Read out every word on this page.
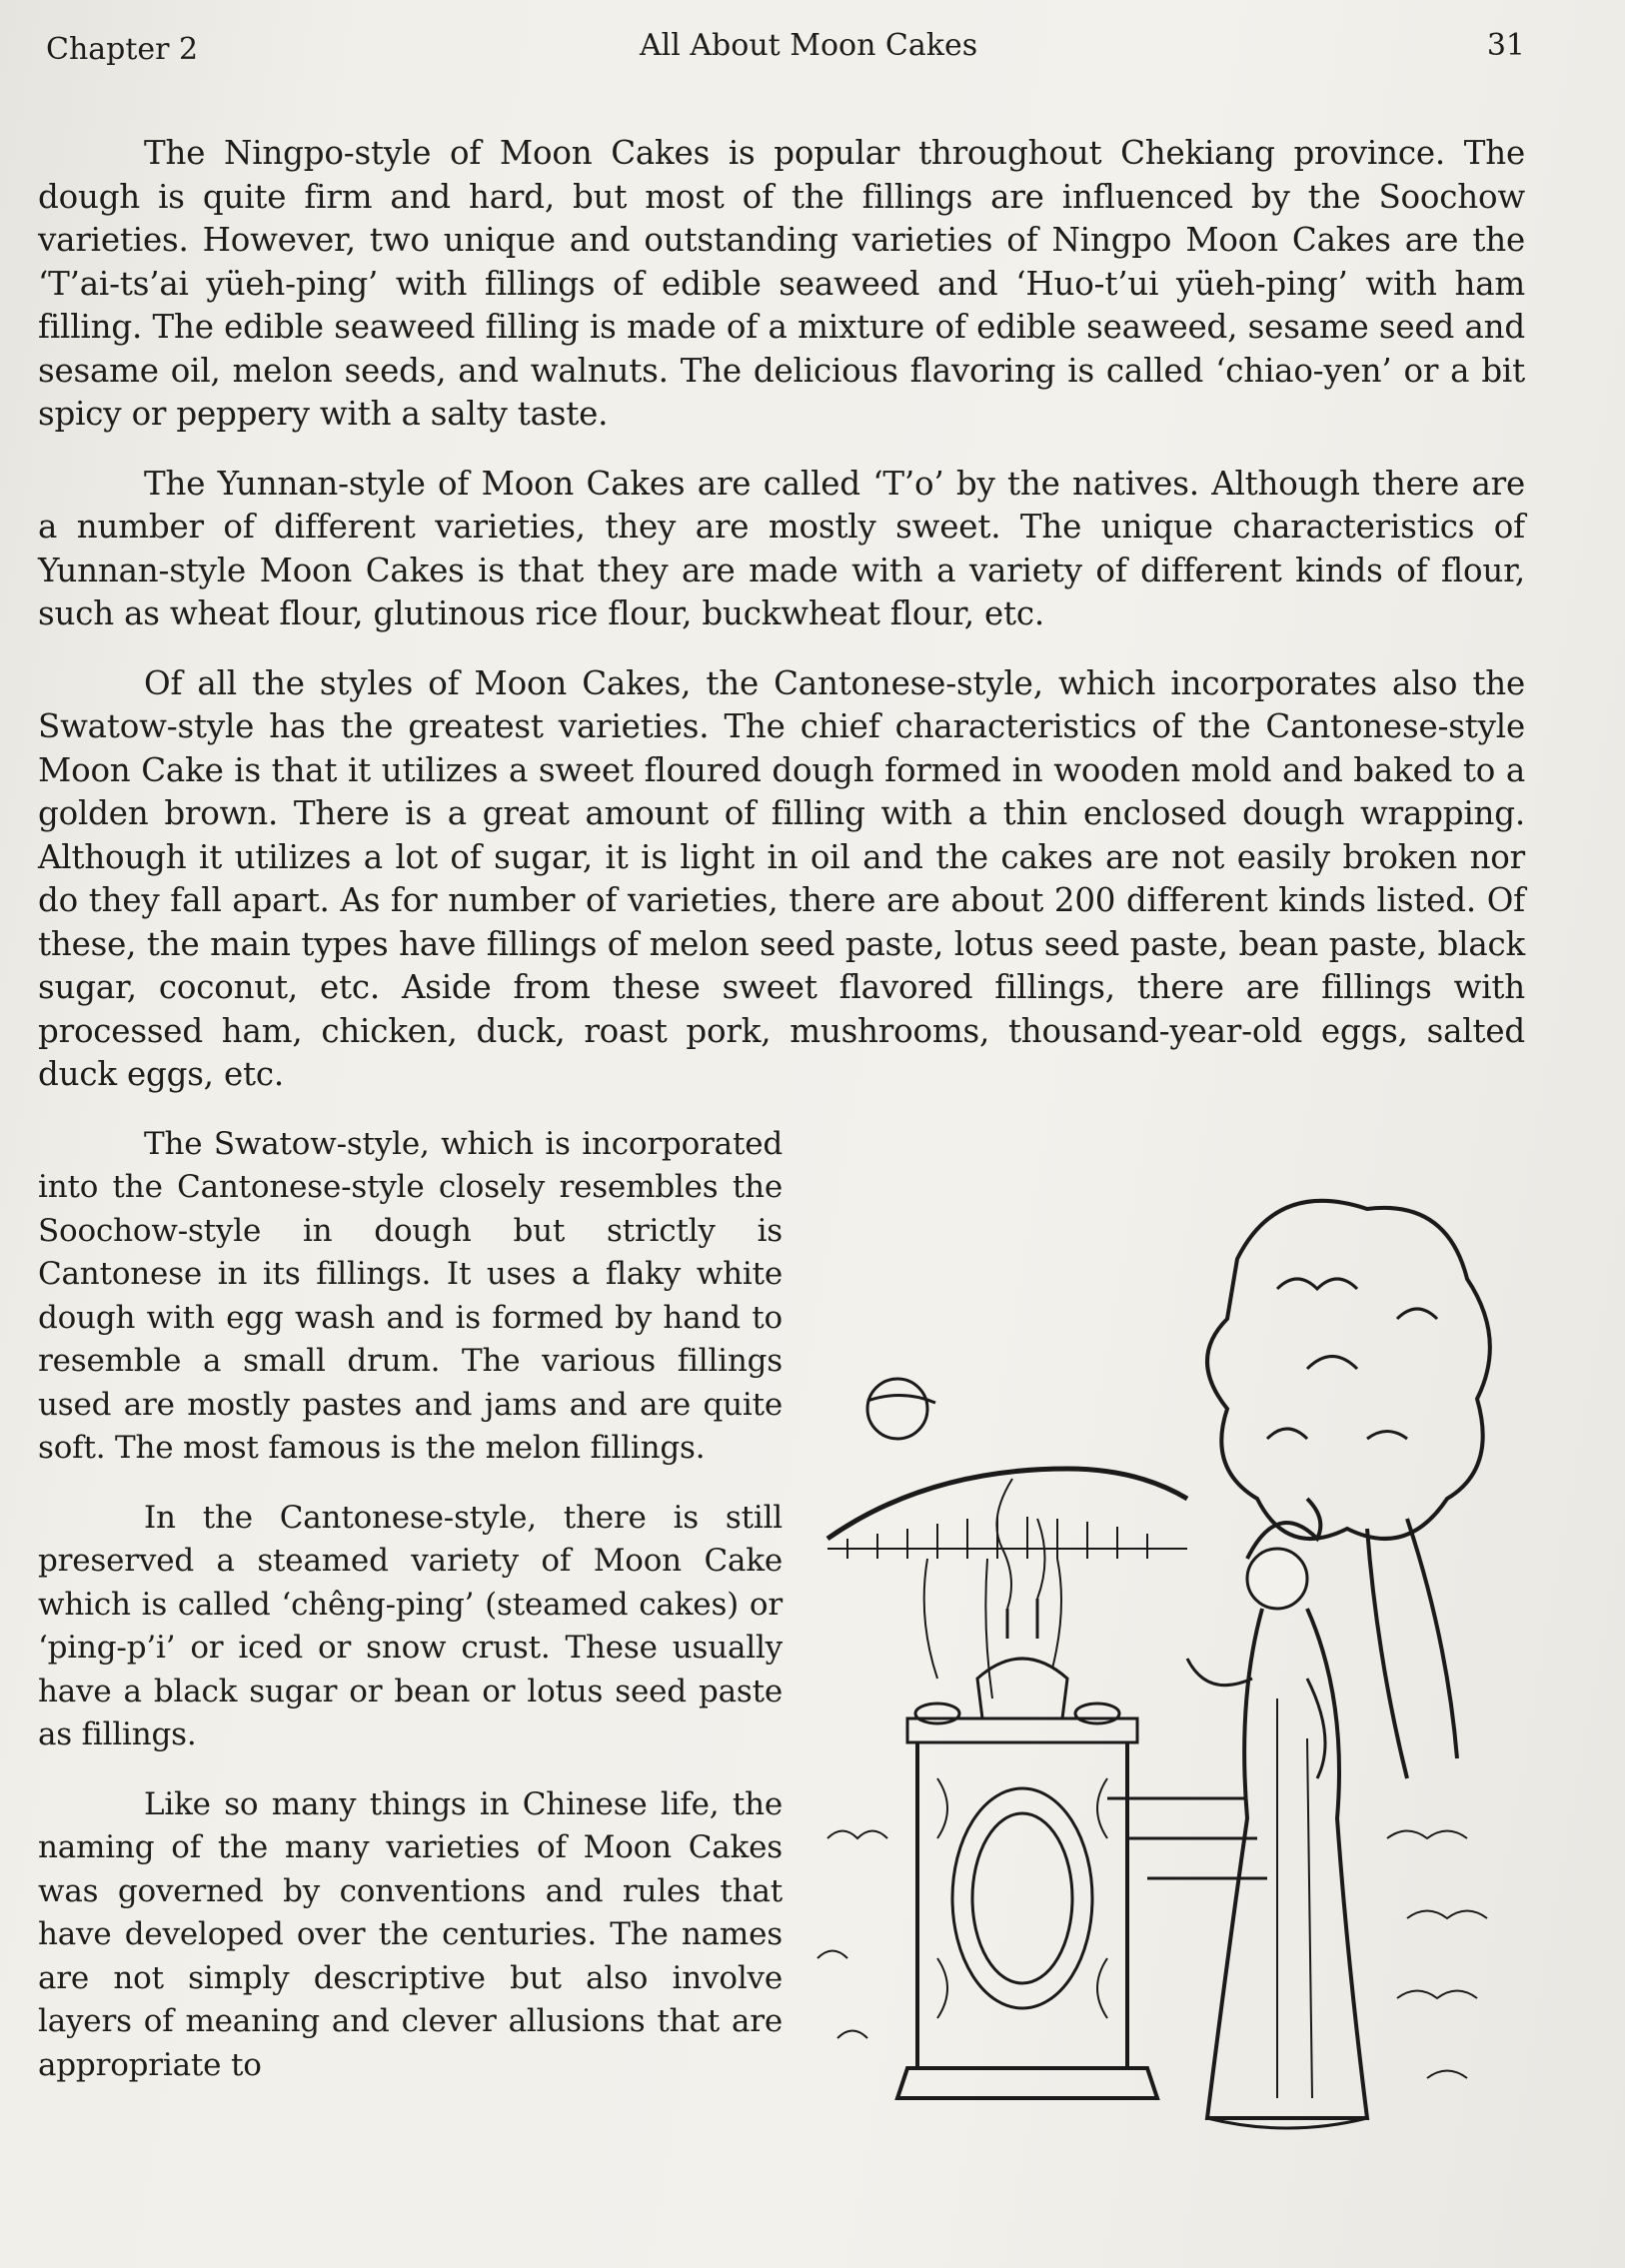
Chapter 2	All About Moon Cakes	31

The Ningpo-style of Moon Cakes is popular throughout Chekiang province. The dough is quite firm and hard, but most of the fillings are influenced by the Soochow varieties. However, two unique and outstanding varieties of Ningpo Moon Cakes are the ‘T’ai-ts’ai yüeh-ping’ with fillings of edible seaweed and ‘Huo-t’ui yüeh-ping’ with ham filling. The edible seaweed filling is made of a mixture of edible seaweed, sesame seed and sesame oil, melon seeds, and walnuts. The delicious flavoring is called ‘chiao-yen’ or a bit spicy or peppery with a salty taste.

The Yunnan-style of Moon Cakes are called ‘T’o’ by the natives. Although there are a number of different varieties, they are mostly sweet. The unique characteristics of Yunnan-style Moon Cakes is that they are made with a variety of different kinds of flour, such as wheat flour, glutinous rice flour, buckwheat flour, etc.

Of all the styles of Moon Cakes, the Cantonese-style, which incorporates also the Swatow-style has the greatest varieties. The chief characteristics of the Cantonese-style Moon Cake is that it utilizes a sweet floured dough formed in wooden mold and baked to a golden brown. There is a great amount of filling with a thin enclosed dough wrapping. Although it utilizes a lot of sugar, it is light in oil and the cakes are not easily broken nor do they fall apart. As for number of varieties, there are about 200 different kinds listed. Of these, the main types have fillings of melon seed paste, lotus seed paste, bean paste, black sugar, coconut, etc. Aside from these sweet flavored fillings, there are fillings with processed ham, chicken, duck, roast pork, mushrooms, thousand-year-old eggs, salted duck eggs, etc.

The Swatow-style, which is incorporated into the Cantonese-style closely resembles the Soochow-style in dough but strictly is Cantonese in its fillings. It uses a flaky white dough with egg wash and is formed by hand to resemble a small drum. The various fillings used are mostly pastes and jams and are quite soft. The most famous is the melon fillings.

In the Cantonese-style, there is still preserved a steamed variety of Moon Cake which is called ‘chêng-ping’ (steamed cakes) or ‘ping-p’i’ or iced or snow crust. These usually have a black sugar or bean or lotus seed paste as fillings.

Like so many things in Chinese life, the naming of the many varieties of Moon Cakes was governed by conventions and rules that have developed over the centuries. The names are not simply descriptive but also involve layers of meaning and clever allusions that are appropriate to
